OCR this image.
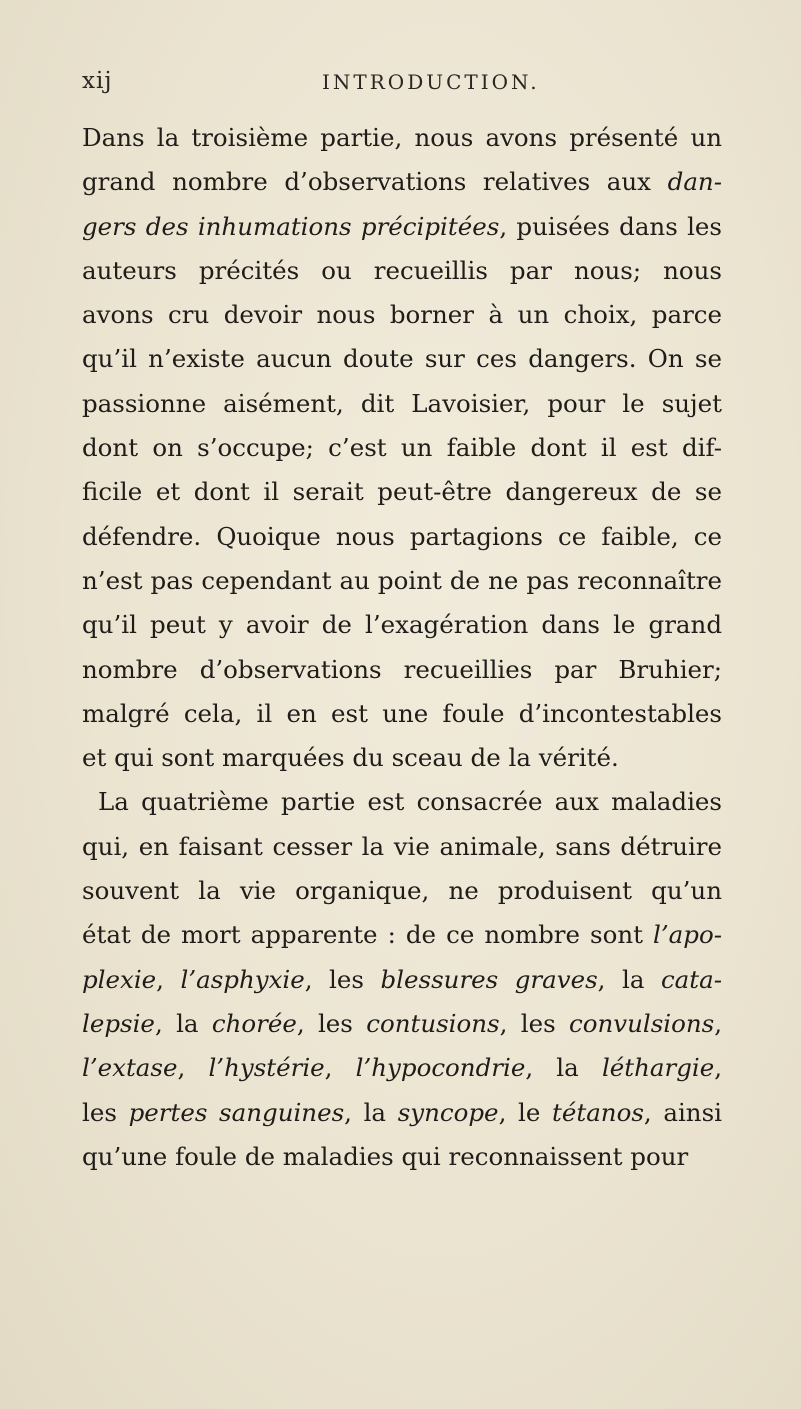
xij	INTRODUCTION.
Dans la troisième partie, nous avons présenté un
grand nombre d’observations relatives aux dan-
gers des inhumations précipitées, puisées dans les
auteurs précités ou recueillis par nous; nous
avons cru devoir nous borner à un choix, parce
qu’il n’existe aucun doute sur ces dangers. On se
passionne aisément, dit Lavoisier, pour le sujet
dont on s’occupe; c’est un faible dont il est dif-
ficile et dont il serait peut-être dangereux de se
défendre. Quoique nous partagions ce faible, ce
n’est pas cependant au point de ne pas reconnaître
qu’il peut y avoir de l’exagération dans le grand
nombre d’observations recueillies par Bruhier;
malgré cela, il en est une foule d’incontestables
et qui sont marquées du sceau de la vérité.
La quatrième partie est consacrée aux maladies
qui, en faisant cesser la vie animale, sans détruire
souvent la vie organique, ne produisent qu’un
état de mort apparente : de ce nombre sont l’apo-
plexie, l’asphyxie, les blessures graves, la cata-
lepsie, la chorée, les contusions, les convulsions,
l’extase, l’hystérie, l’hypocondrie, la léthargie,
les pertes sanguines, la syncope, le tétanos, ainsi
qu’une foule de maladies qui reconnaissent pour
